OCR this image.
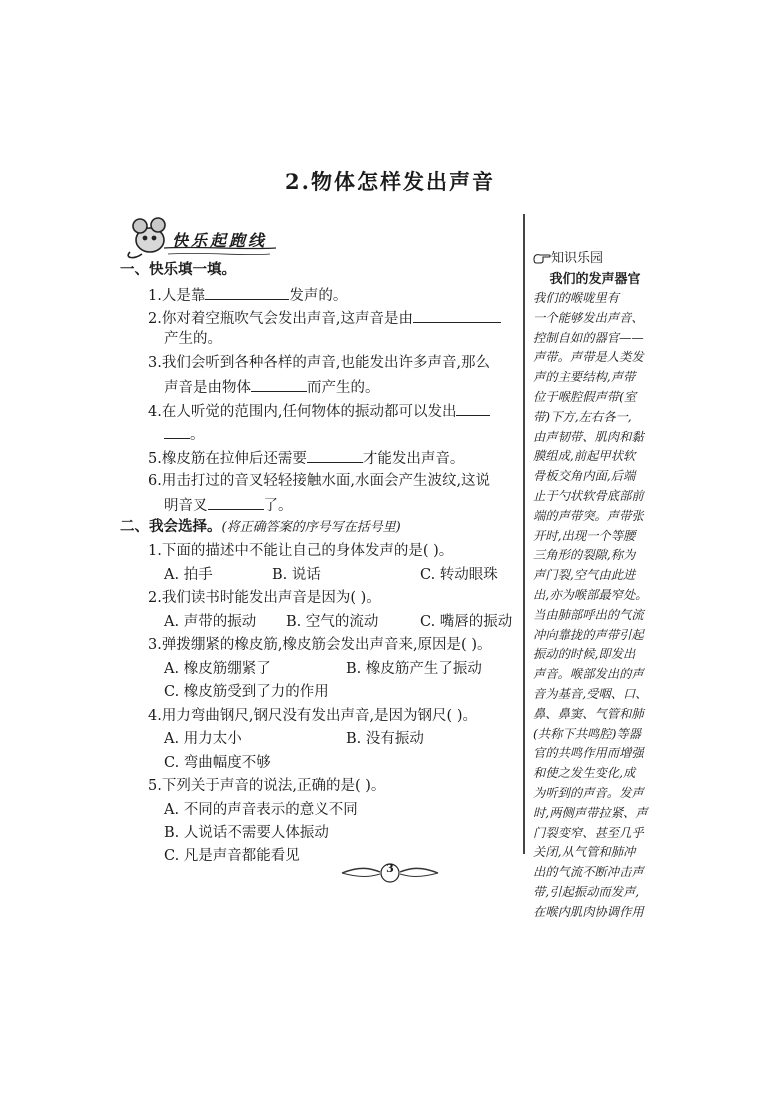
2.物体怎样发出声音
快乐起跑线
一、快乐填一填。
1.人是靠	发声的。
2.你对着空瓶吹气会发出声音,这声音是由
产生的。
3.我们会听到各种各样的声音,也能发出许多声音,那么
声音是由物体	而产生的。
4.在人听觉的范围内,任何物体的振动都可以发出
。
5.橡皮筋在拉伸后还需要	才能发出声音。
6.用击打过的音叉轻轻接触水面,水面会产生波纹,这说
明音叉	了。
二、我会选择。(将正确答案的序号写在括号里)
1.下面的描述中不能让自己的身体发声的是( )。
A. 拍手	B. 说话	C. 转动眼珠
2.我们读书时能发出声音是因为( )。
A. 声带的振动 B. 空气的流动	C. 嘴唇的振动
3.弹拨绷紧的橡皮筋,橡皮筋会发出声音来,原因是( )。
A. 橡皮筋绷紧了	B. 橡皮筋产生了振动
C. 橡皮筋受到了力的作用
4.用力弯曲钢尺,钢尺没有发出声音,是因为钢尺( )。
A. 用力太小	B. 没有振动
C. 弯曲幅度不够
5.下列关于声音的说法,正确的是( )。
A. 不同的声音表示的意义不同
B. 人说话不需要人体振动
C. 凡是声音都能看见
知识乐园
我们的发声器官
我们的喉咙里有
一个能够发出声音、
控制自如的器官——
声带。声带是人类发
声的主要结构,声带
位于喉腔假声带(室
带)下方,左右各一,
由声韧带、肌肉和黏
膜组成,前起甲状软
骨板交角内面,后端
止于勺状软骨底部前
端的声带突。声带张
开时,出现一个等腰
三角形的裂隙,称为
声门裂,空气由此进
出,亦为喉部最窄处。
当由肺部呼出的气流
冲向靠拢的声带引起
振动的时候,即发出
声音。喉部发出的声
音为基音,受咽、口、
鼻、鼻窦、气管和肺
(共称下共鸣腔)等器
官的共鸣作用而增强
和使之发生变化,成
为听到的声音。发声
时,两侧声带拉紧、声
门裂变窄、甚至几乎
关闭,从气管和肺冲
出的气流不断冲击声
带,引起振动而发声,
在喉内肌肉协调作用
3
